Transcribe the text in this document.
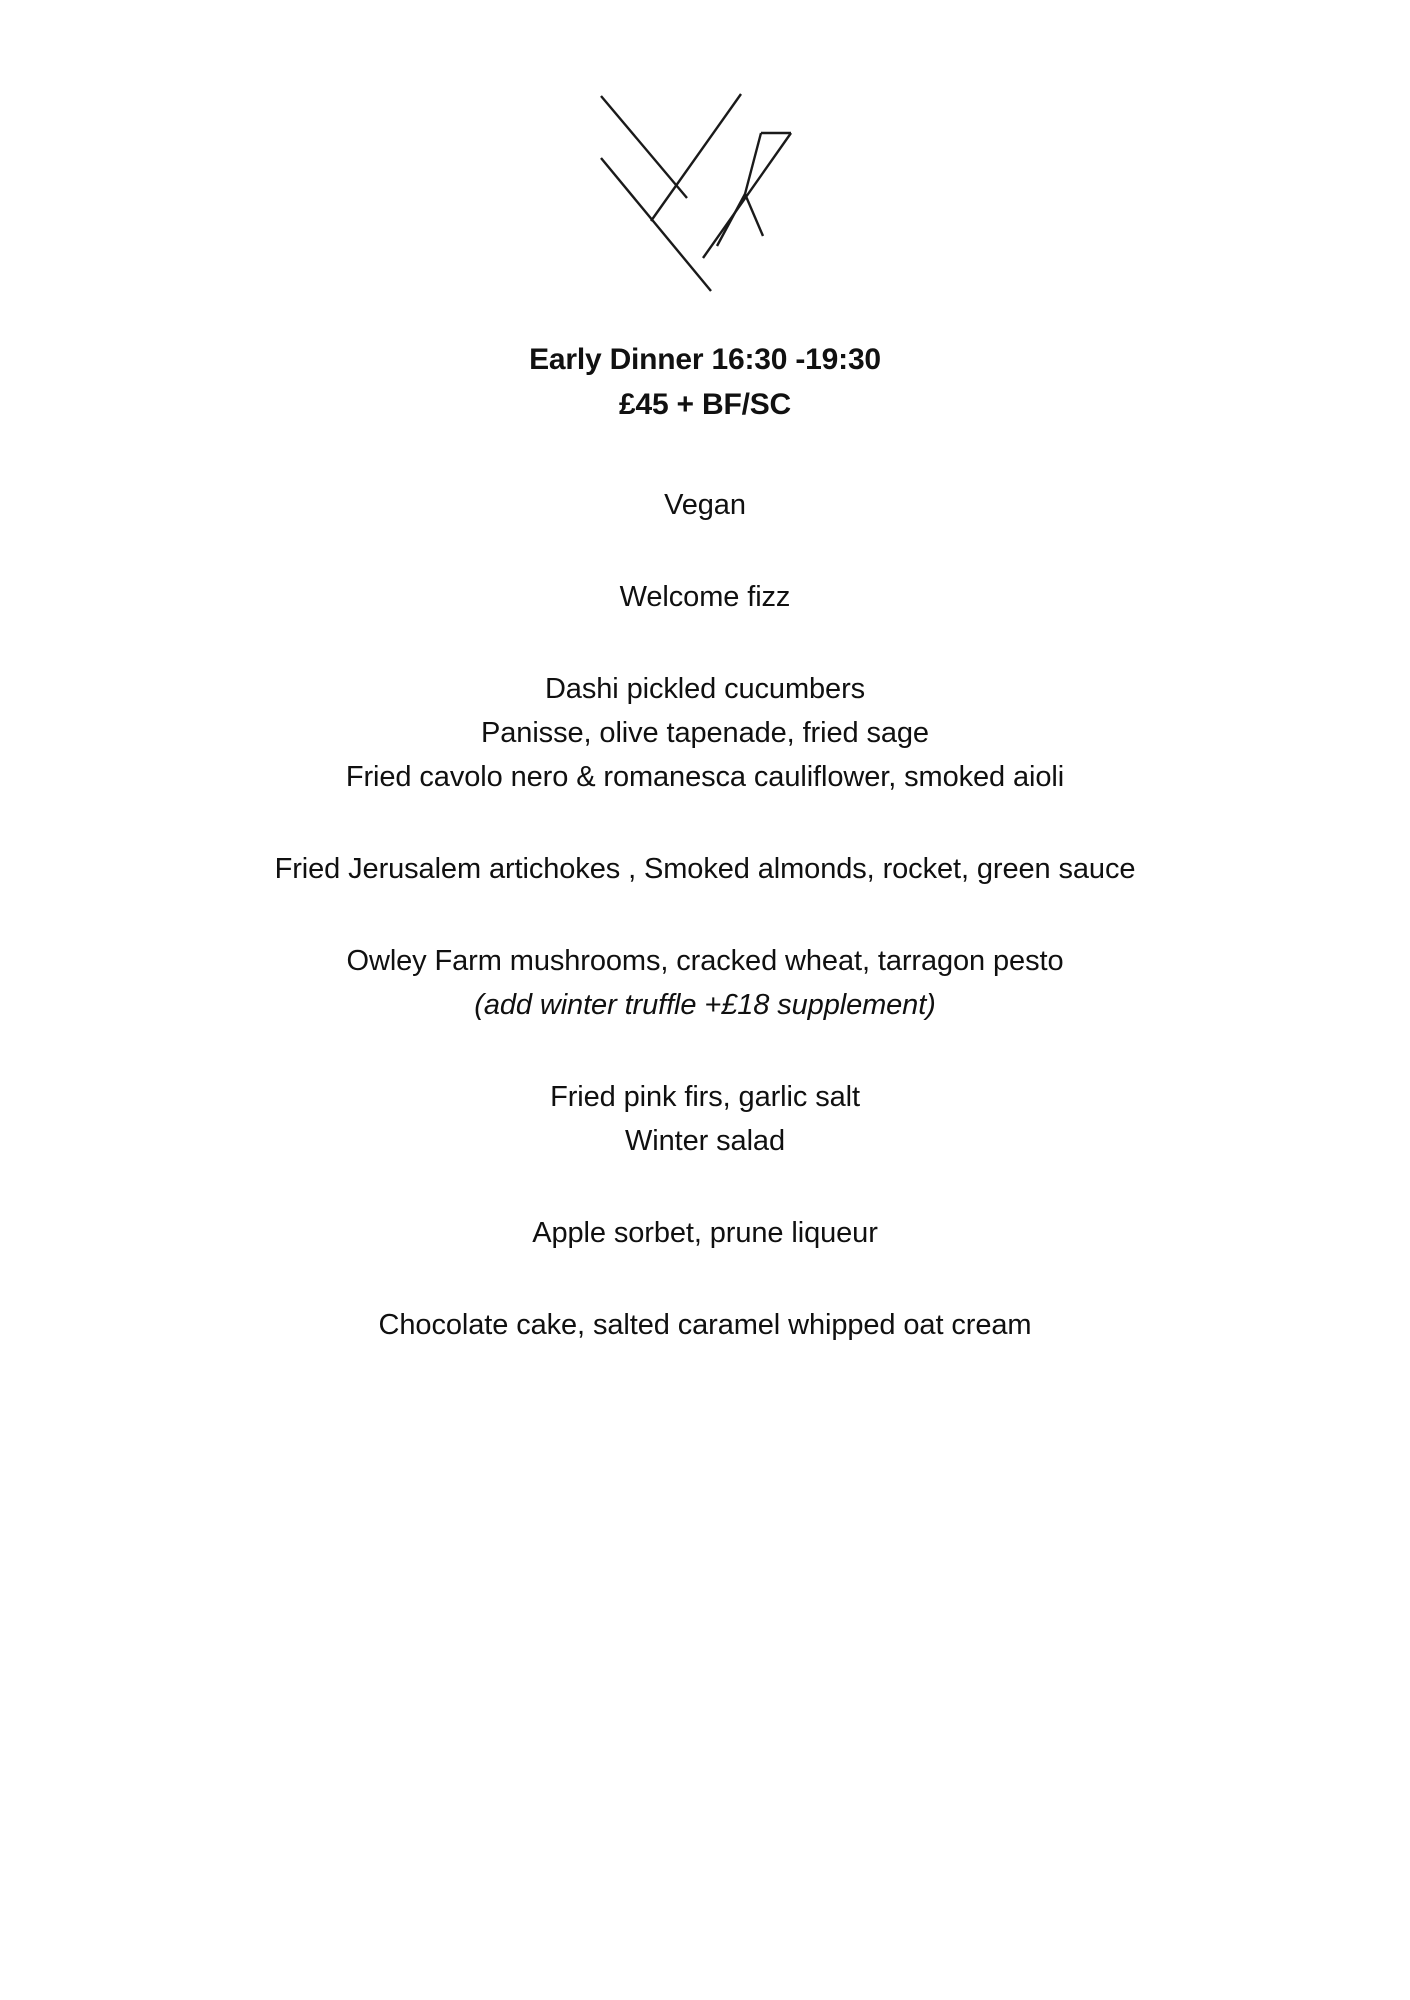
Early Dinner 16:30 -19:30
£45 + BF/SC
Vegan
Welcome fizz
Dashi pickled cucumbers
Panisse, olive tapenade, fried sage
Fried cavolo nero & romanesca cauliflower, smoked aioli
Fried Jerusalem artichokes , Smoked almonds, rocket, green sauce
Owley Farm mushrooms, cracked wheat, tarragon pesto
(add winter truffle +£18 supplement)
Fried pink firs, garlic salt
Winter salad
Apple sorbet, prune liqueur
Chocolate cake, salted caramel whipped oat cream
